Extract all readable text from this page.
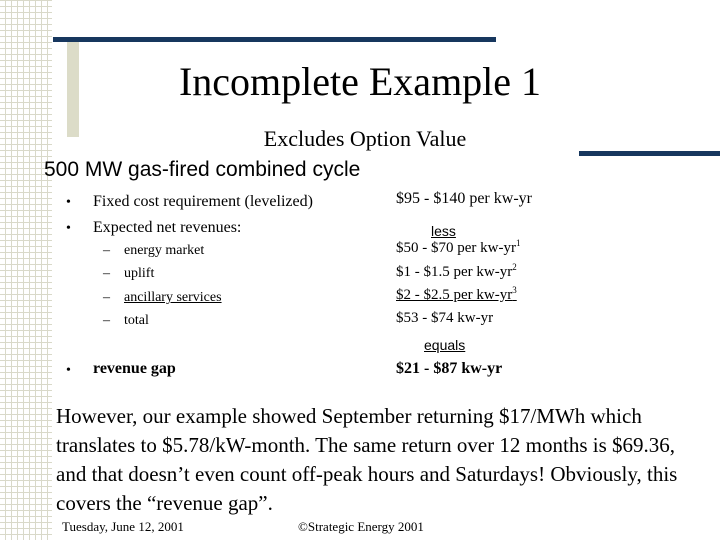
Incomplete Example 1
Excludes Option Value
500 MW gas-fired combined cycle
• Fixed cost requirement (levelized)	$95 - $140 per kw-yr
• Expected net revenues:	less
– energy market	$50 - $70 per $kw-yr^1$
– uplift	$1 - $1.5 per $kw-yr^2$
– ancillary services	$2 - $2.5 per $kw-yr^3$
– total	$53 - $74 kw-yr
equals
• revenue gap	$21 - $87 kw-yr
However, our example showed September returning $17/MWh which translates to $5.78/kW-month. The same return over 12 months is $69.36, and that doesn’t even count off-peak hours and Saturdays! Obviously, this covers the “revenue gap”.
Tuesday, June 12, 2001	©Strategic Energy 2001
